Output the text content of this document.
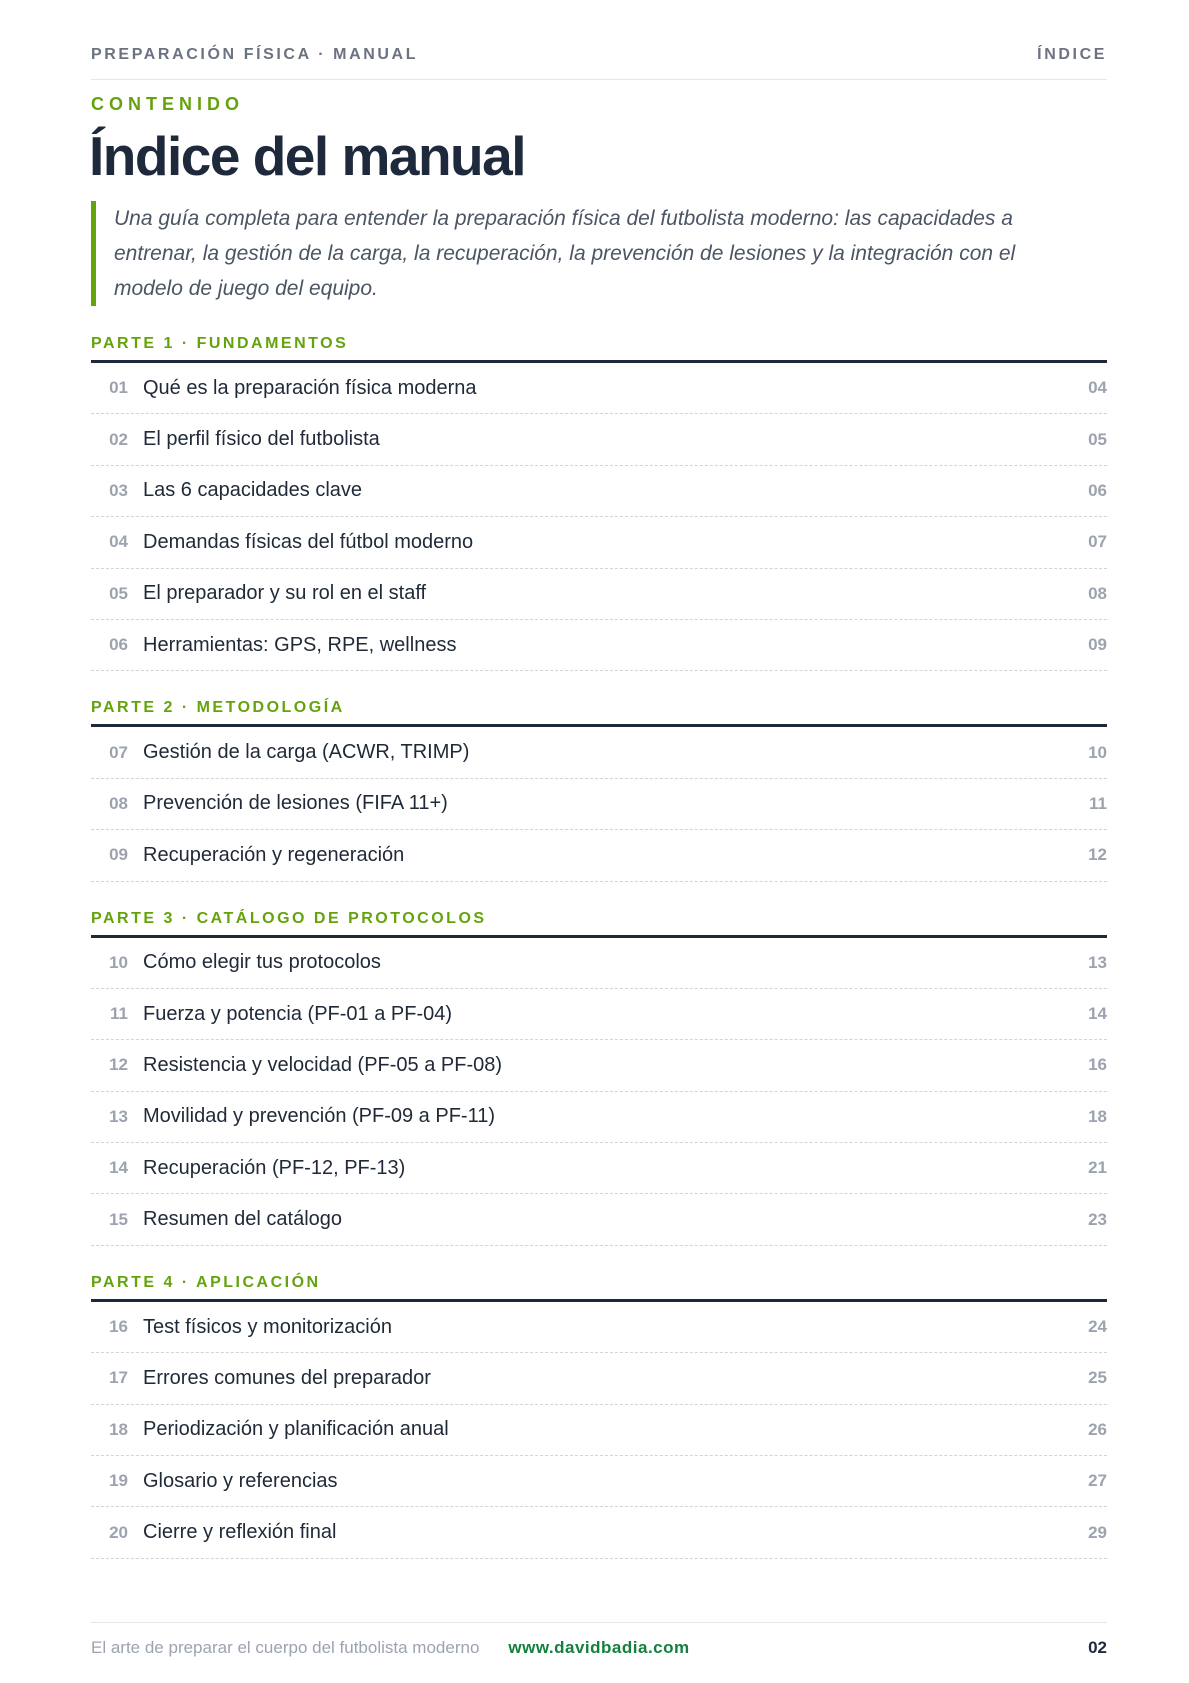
PREPARACIÓN FÍSICA · MANUAL	ÍNDICE
CONTENIDO
Índice del manual

Una guía completa para entender la preparación física del futbolista moderno: las capacidades a entrenar, la gestión de la carga, la recuperación, la prevención de lesiones y la integración con el modelo de juego del equipo.

PARTE 1 · FUNDAMENTOS
01 Qué es la preparación física moderna	04
02 El perfil físico del futbolista	05
03 Las 6 capacidades clave	06
04 Demandas físicas del fútbol moderno	07
05 El preparador y su rol en el staff	08
06 Herramientas: GPS, RPE, wellness	09
PARTE 2 · METODOLOGÍA
07 Gestión de la carga (ACWR, TRIMP)	10
08 Prevención de lesiones (FIFA 11+)	11
09 Recuperación y regeneración	12
PARTE 3 · CATÁLOGO DE PROTOCOLOS
10 Cómo elegir tus protocolos	13
11 Fuerza y potencia (PF-01 a PF-04)	14
12 Resistencia y velocidad (PF-05 a PF-08)	16
13 Movilidad y prevención (PF-09 a PF-11)	18
14 Recuperación (PF-12, PF-13)	21
15 Resumen del catálogo	23
PARTE 4 · APLICACIÓN
16 Test físicos y monitorización	24
17 Errores comunes del preparador	25
18 Periodización y planificación anual	26
19 Glosario y referencias	27
20 Cierre y reflexión final	29
El arte de preparar el cuerpo del futbolista moderno	www.davidbadia.com	02
